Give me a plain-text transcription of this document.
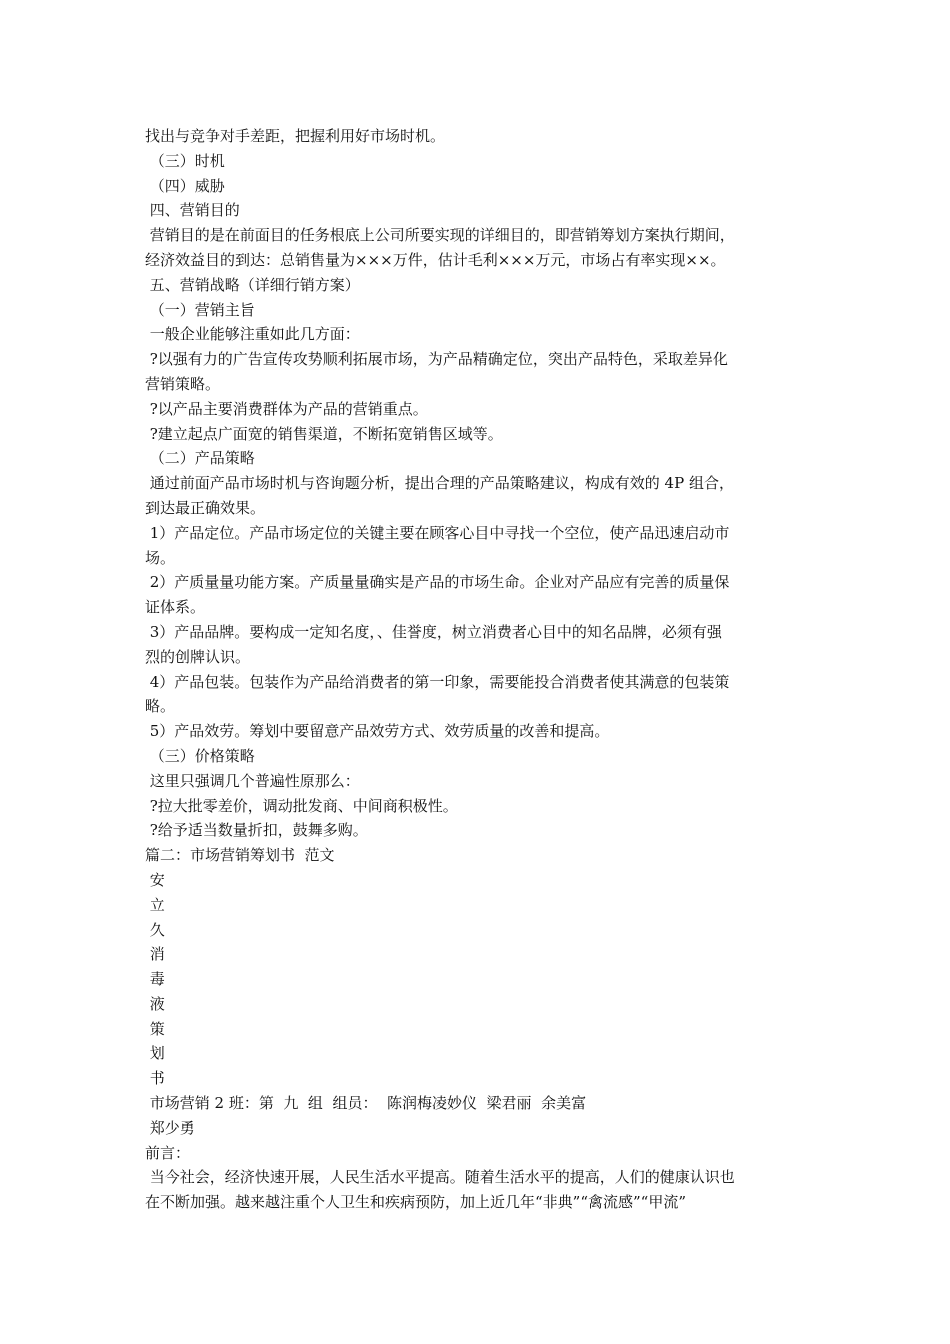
找出与竞争对手差距，把握利用好市场时机。
（三）时机
（四）威胁
四、营销目的
营销目的是在前面目的任务根底上公司所要实现的详细目的，即营销筹划方案执行期间，
经济效益目的到达：总销售量为×××万件，估计毛利×××万元，市场占有率实现××。
五、营销战略（详细行销方案）
（一）营销主旨
一般企业能够注重如此几方面：
?以强有力的广告宣传攻势顺利拓展市场，为产品精确定位，突出产品特色，采取差异化
营销策略。
?以产品主要消费群体为产品的营销重点。
?建立起点广面宽的销售渠道，不断拓宽销售区域等。
（二）产品策略
通过前面产品市场时机与咨询题分析，提出合理的产品策略建议，构成有效的 4P 组合，
到达最正确效果。
1）产品定位。产品市场定位的关键主要在顾客心目中寻找一个空位，使产品迅速启动市
场。
2）产质量量功能方案。产质量量确实是产品的市场生命。企业对产品应有完善的质量保
证体系。
3）产品品牌。要构成一定知名度，、佳誉度，树立消费者心目中的知名品牌，必须有强
烈的创牌认识。
4）产品包装。包装作为产品给消费者的第一印象，需要能投合消费者使其满意的包装策
略。
5）产品效劳。筹划中要留意产品效劳方式、效劳质量的改善和提高。
（三）价格策略
这里只强调几个普遍性原那么：
?拉大批零差价，调动批发商、中间商积极性。
?给予适当数量折扣，鼓舞多购。
篇二：市场营销筹划书  范文
安
立
久
消
毒
液
策
划
书
市场营销 2 班：第  九  组  组员：  陈润梅凌妙仪  梁君丽  余美富
郑少勇
前言：
当今社会，经济快速开展，人民生活水平提高。随着生活水平的提高，人们的健康认识也
在不断加强。越来越注重个人卫生和疾病预防，加上近几年“非典”“禽流感”“甲流”
